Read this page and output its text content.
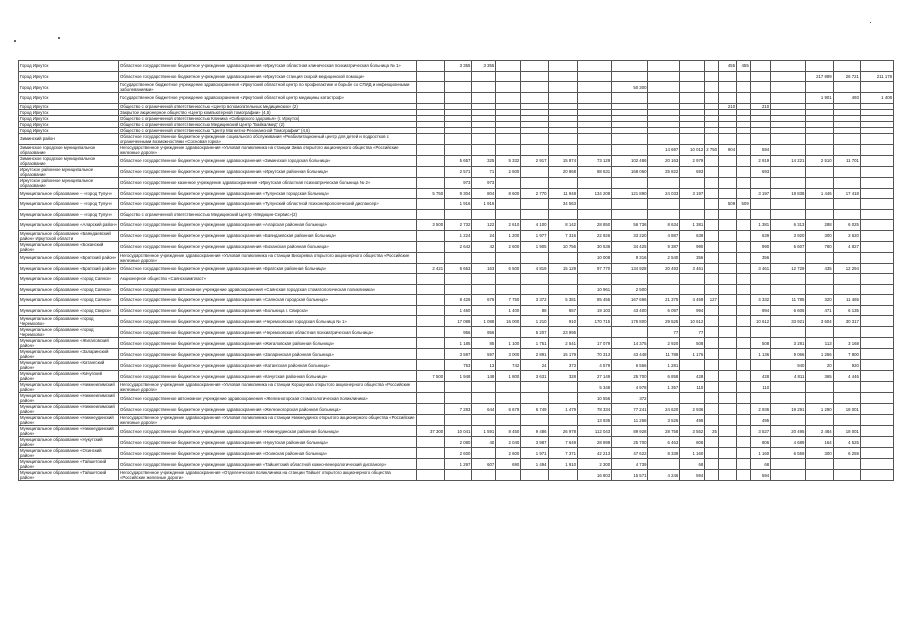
Город Иркутск	Областное государственное бюджетное учреждение здравоохранения «Иркутская областная клиническая психиатрическая больница № 1»		3 355	3 355									455	455					
Город Иркутск	Областное государственное бюджетное учреждение здравоохранения «Иркутская станция скорой медицинской помощи»																217 899	26 721	211 178
Город Иркутск	Государственное бюджетное учреждение здравоохранения «Иркутский областной центр по профилактике и борьбе со СПИД и инфекционными заболеваниями»								50 300										
Город Иркутск	Государственное бюджетное учреждение здравоохранения «Иркутский областной центр медицины катастроф»																1 901	493	1 408
Город Иркутск	Общество с ограниченной ответственностью «Центр вспомогательных медицинских» (2)												210		210				
Город Иркутск	Закрытое акционерное общество «Центр компьютерной томографии» (4,5)																		
Город Иркутск	Общество с ограниченной ответственностью Клиника «Сибирского здоровья» (г. Иркутск)																		
Город Иркутск	Общество с ограниченной ответственностью Медицинский Центр "Байкалмед" (2)																		
Город Иркутск	Общество с ограниченной ответственностью "Центр Магнитно-Резонансной Томографии" (4,5)																		
Зиминский район	Областное государственное бюджетное учреждение социального обслуживания «Реабилитационный центр для детей и подростков с ограниченными возможностями «Сосновая горка»																		
Зиминское городское муниципальное образование	Негосударственное учреждение здравоохранения «Узловая поликлиника на станции Зима открытого акционерного общества «Российские железные дороги»									14 697	10 012	2 750	904		594				
Зиминское городское муниципальное образование	Областное государственное бюджетное учреждение здравоохранения «Зиминская городская больница»		5 657	325	5 332	2 917	15 874	73 129	102 486	20 163	2 979				2 919	14 221	2 510	11 701	
Иркутское районное муниципальное образование	Областное государственное бюджетное учреждение здравоохранения «Иркутская районная больница»		2 571	71	2 500		20 868	88 631	168 060	25 822	693				693				
Иркутское районное муниципальное образование	Областное государственное казенное учреждение здравоохранения «Иркутская областная психиатрическая больница № 2»		973	973															
Муниципальное образование – «город Тулун»	Областное государственное бюджетное учреждение здравоохранения «Тулунская городская больница»	5 750	9 304	804	8 600	2 770	11 948	134 208	121 890	24 033	3 197				3 197	18 838	1 446	17 418	
Муниципальное образование – «город Тулун»	Областное государственное бюджетное учреждение здравоохранения «Тулунский областной психоневрологический диспансер»		1 916	1 916			34 563						509	509					
Муниципальное образование – «город Тулун»	Общество с ограниченной ответственностью Медицинский Центр «Медицин-Сервис»(2)																		
Муниципальное образование «Аларский район»	Областное государственное бюджетное учреждение здравоохранения «Аларская районная больница»	3 500	2 732	122	2 610	4 100	8 142	28 850	56 736	8 634	1 381				1 381	6 313	288	6 025	
Муниципальное образование «Баяндаевский район» Иркутской области	Областное государственное бюджетное учреждение здравоохранения «Баяндаевская районная больница»		1 224	24	1 200	1 977	7 316	22 926	33 220	4 887	639				639	3 920	300	3 620	
Муниципальное образование «Боханский район»	Областное государственное бюджетное учреждение здравоохранения «Боханская районная больница»		2 642	42	2 600	1 905	10 756	30 536	34 425	9 387	990				990	5 607	780	4 827	
Муниципальное образование «Братский район»	Негосударственное учреждение здравоохранения «Узловая поликлиника на станции Вихоревка открытого акционерного общества «Российские железные дороги»							10 008	9 316	2 540	356				356				
Муниципальное образование «Братский район»	Областное государственное бюджетное учреждение здравоохранения «Братская районная больница»	2 421	6 663	163	6 500	4 819	15 129	97 770	134 928	20 493	3 461				3 461	12 729	435	12 294	
Муниципальное образование «город Саянск»	Акционерное общество «Саянскхимпласт»																		
Муниципальное образование «город Саянск»	Областное государственное автономное учреждение здравоохранения «Саянская городская стоматологическая поликлиника»							10 961	2 500										
Муниципальное образование «город Саянск»	Областное государственное бюджетное учреждение здравоохранения «Саянская городская больница»		8 426	676	7 750	3 372	5 381	85 455	167 696	21 375	4 459	127			4 332	11 785	320	11 465	
Муниципальное образование «город Свирск»	Областное государственное бюджетное учреждение здравоохранения «Больница г. Свирска»		1 460		1 400	88	657	19 103	43 400	6 097	994				994	6 606	471	6 135	
Муниципальное образование «город Черемхово»	Областное государственное бюджетное учреждение здравоохранения «Черемховская городская больница № 1»		17 088	1 088	16 000	1 210	910	170 715	175 800	29 525	10 612				10 612	33 921	3 604	30 317	
Муниципальное образование «город Черемхово»	Областное государственное бюджетное учреждение здравоохранения «Черемховская областная психиатрическая больница»		956	956		5 207	23 995			77	77								
Муниципальное образование «Жигаловский район»	Областное государственное бюджетное учреждение здравоохранения «Жигаловская районная больница»		1 185	85	1 100	1 751	2 541	17 079	14 375	2 920	508				508	3 281	113	3 168	
Муниципальное образование «Заларинский район»	Областное государственное бюджетное учреждение здравоохранения «Заларинская районная больница»		3 597	597	3 000	2 891	15 179	70 313	43 448	11 788	1 176				1 136	9 066	1 266	7 800	
Муниципальное образование «Катангский район»	Областное государственное бюджетное учреждение здравоохранения «Катангская районная больница»		753	13	742	24	373	4 579	6 556	1 281						940	20	920	
Муниципальное образование «Качугский район»	Областное государственное бюджетное учреждение здравоохранения «Качугская районная больница»	7 500	1 948	148	1 800	3 631	328	27 149	25 700	6 858	428				428	4 811	365	4 446	
Муниципальное образование «Нижнеилимский район»	Негосударственное учреждение здравоохранения «Узловая поликлиника на станции Коршуниха открытого акционерного общества «Российские железные дороги»							5 348	4 978	1 357	110				110				
Муниципальное образование «Нижнеилимский район»	Областное государственное автономное учреждение здравоохранения «Железногорская стоматологическая поликлиника»							10 556	372										
Муниципальное образование «Нижнеилимский район»	Областное государственное бюджетное учреждение здравоохранения «Железногорская районная больница»		7 283	644	6 679	6 749	1 479	78 334	77 241	24 620	2 936				2 936	19 291	1 290	18 001	
Муниципальное образование «Нижнеудинский район»	Негосударственное учреждение здравоохранения «Узловая поликлиника на станции Нижнеудинск открытого акционерного общества «Российские железные дороги»							13 935	11 258	3 526	495				495				
Муниципальное образование «Нижнеудинский район»	Областное государственное бюджетное учреждение здравоохранения «Нижнеудинская районная больница»	37 300	10 041	1 591	8 450	9 486	26 978	112 043	89 928	28 758	3 552	25			3 527	20 495	2 484	18 001	
Муниципальное образование «Нукутский район»	Областное государственное бюджетное учреждение здравоохранения «Нукутская районная больница»		2 080	40	2 040	3 987	7 649	28 899	25 700	6 463	806				806	4 689	164	4 525	
Муниципальное образование «Осинский район»	Областное государственное бюджетное учреждение здравоохранения «Осинская районная больница»		2 600		2 600	1 971	7 371	42 213	47 622	8 339	1 160				1 160	6 559	300	6 259	
Муниципальное образование «Тайшетский район»	Областное государственное бюджетное учреждение здравоохранения «Тайшетский областной кожно-венерологический диспансер»		1 297	607	690	1 494	1 910	2 300	4 739		68				68				
Муниципальное образование «Тайшетский район»	Негосударственное учреждение здравоохранения «Отделенческая поликлиника на станции Тайшет открытого акционерного общества «Российские железные дороги»							16 803	15 571	4 246	594				594				
